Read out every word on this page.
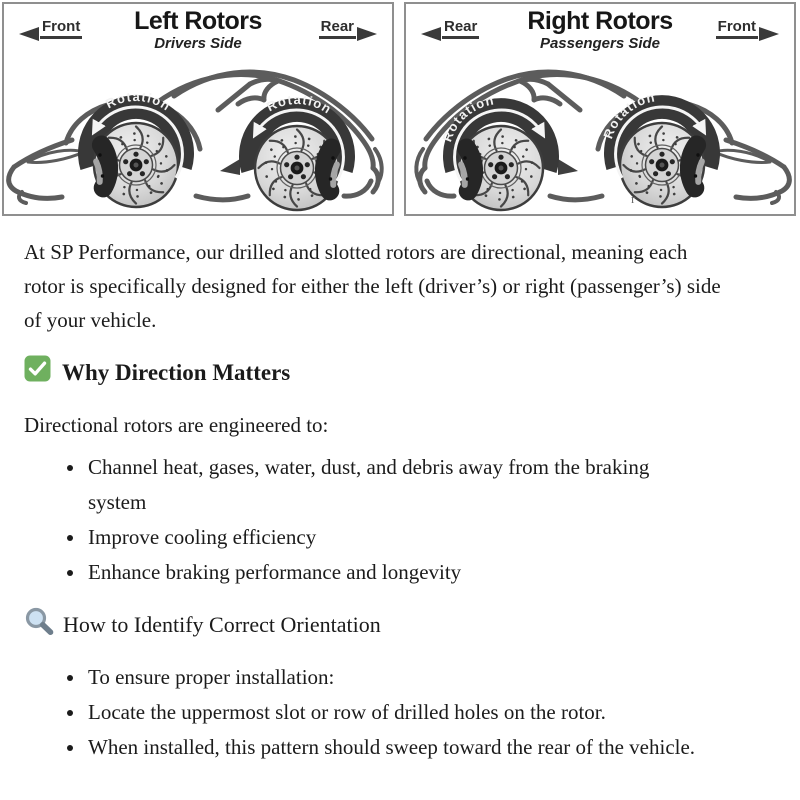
Front	Left Rotors
Drivers Side
Rear
Rotation	Rotation
Rear	Right Rotors
Passengers Side
Front
Rotation
Rotation
r

At SP Performance, our drilled and slotted rotors are directional, meaning each rotor is specifically designed for either the left (driver’s) or right (passenger’s) side of your vehicle.

Why Direction Matters

Directional rotors are engineered to:

• Channel heat, gases, water, dust, and debris away from the braking system
• Improve cooling efficiency
• Enhance braking performance and longevity
How to Identify Correct Orientation
• To ensure proper installation:
• Locate the uppermost slot or row of drilled holes on the rotor.
• When installed, this pattern should sweep toward the rear of the vehicle.
